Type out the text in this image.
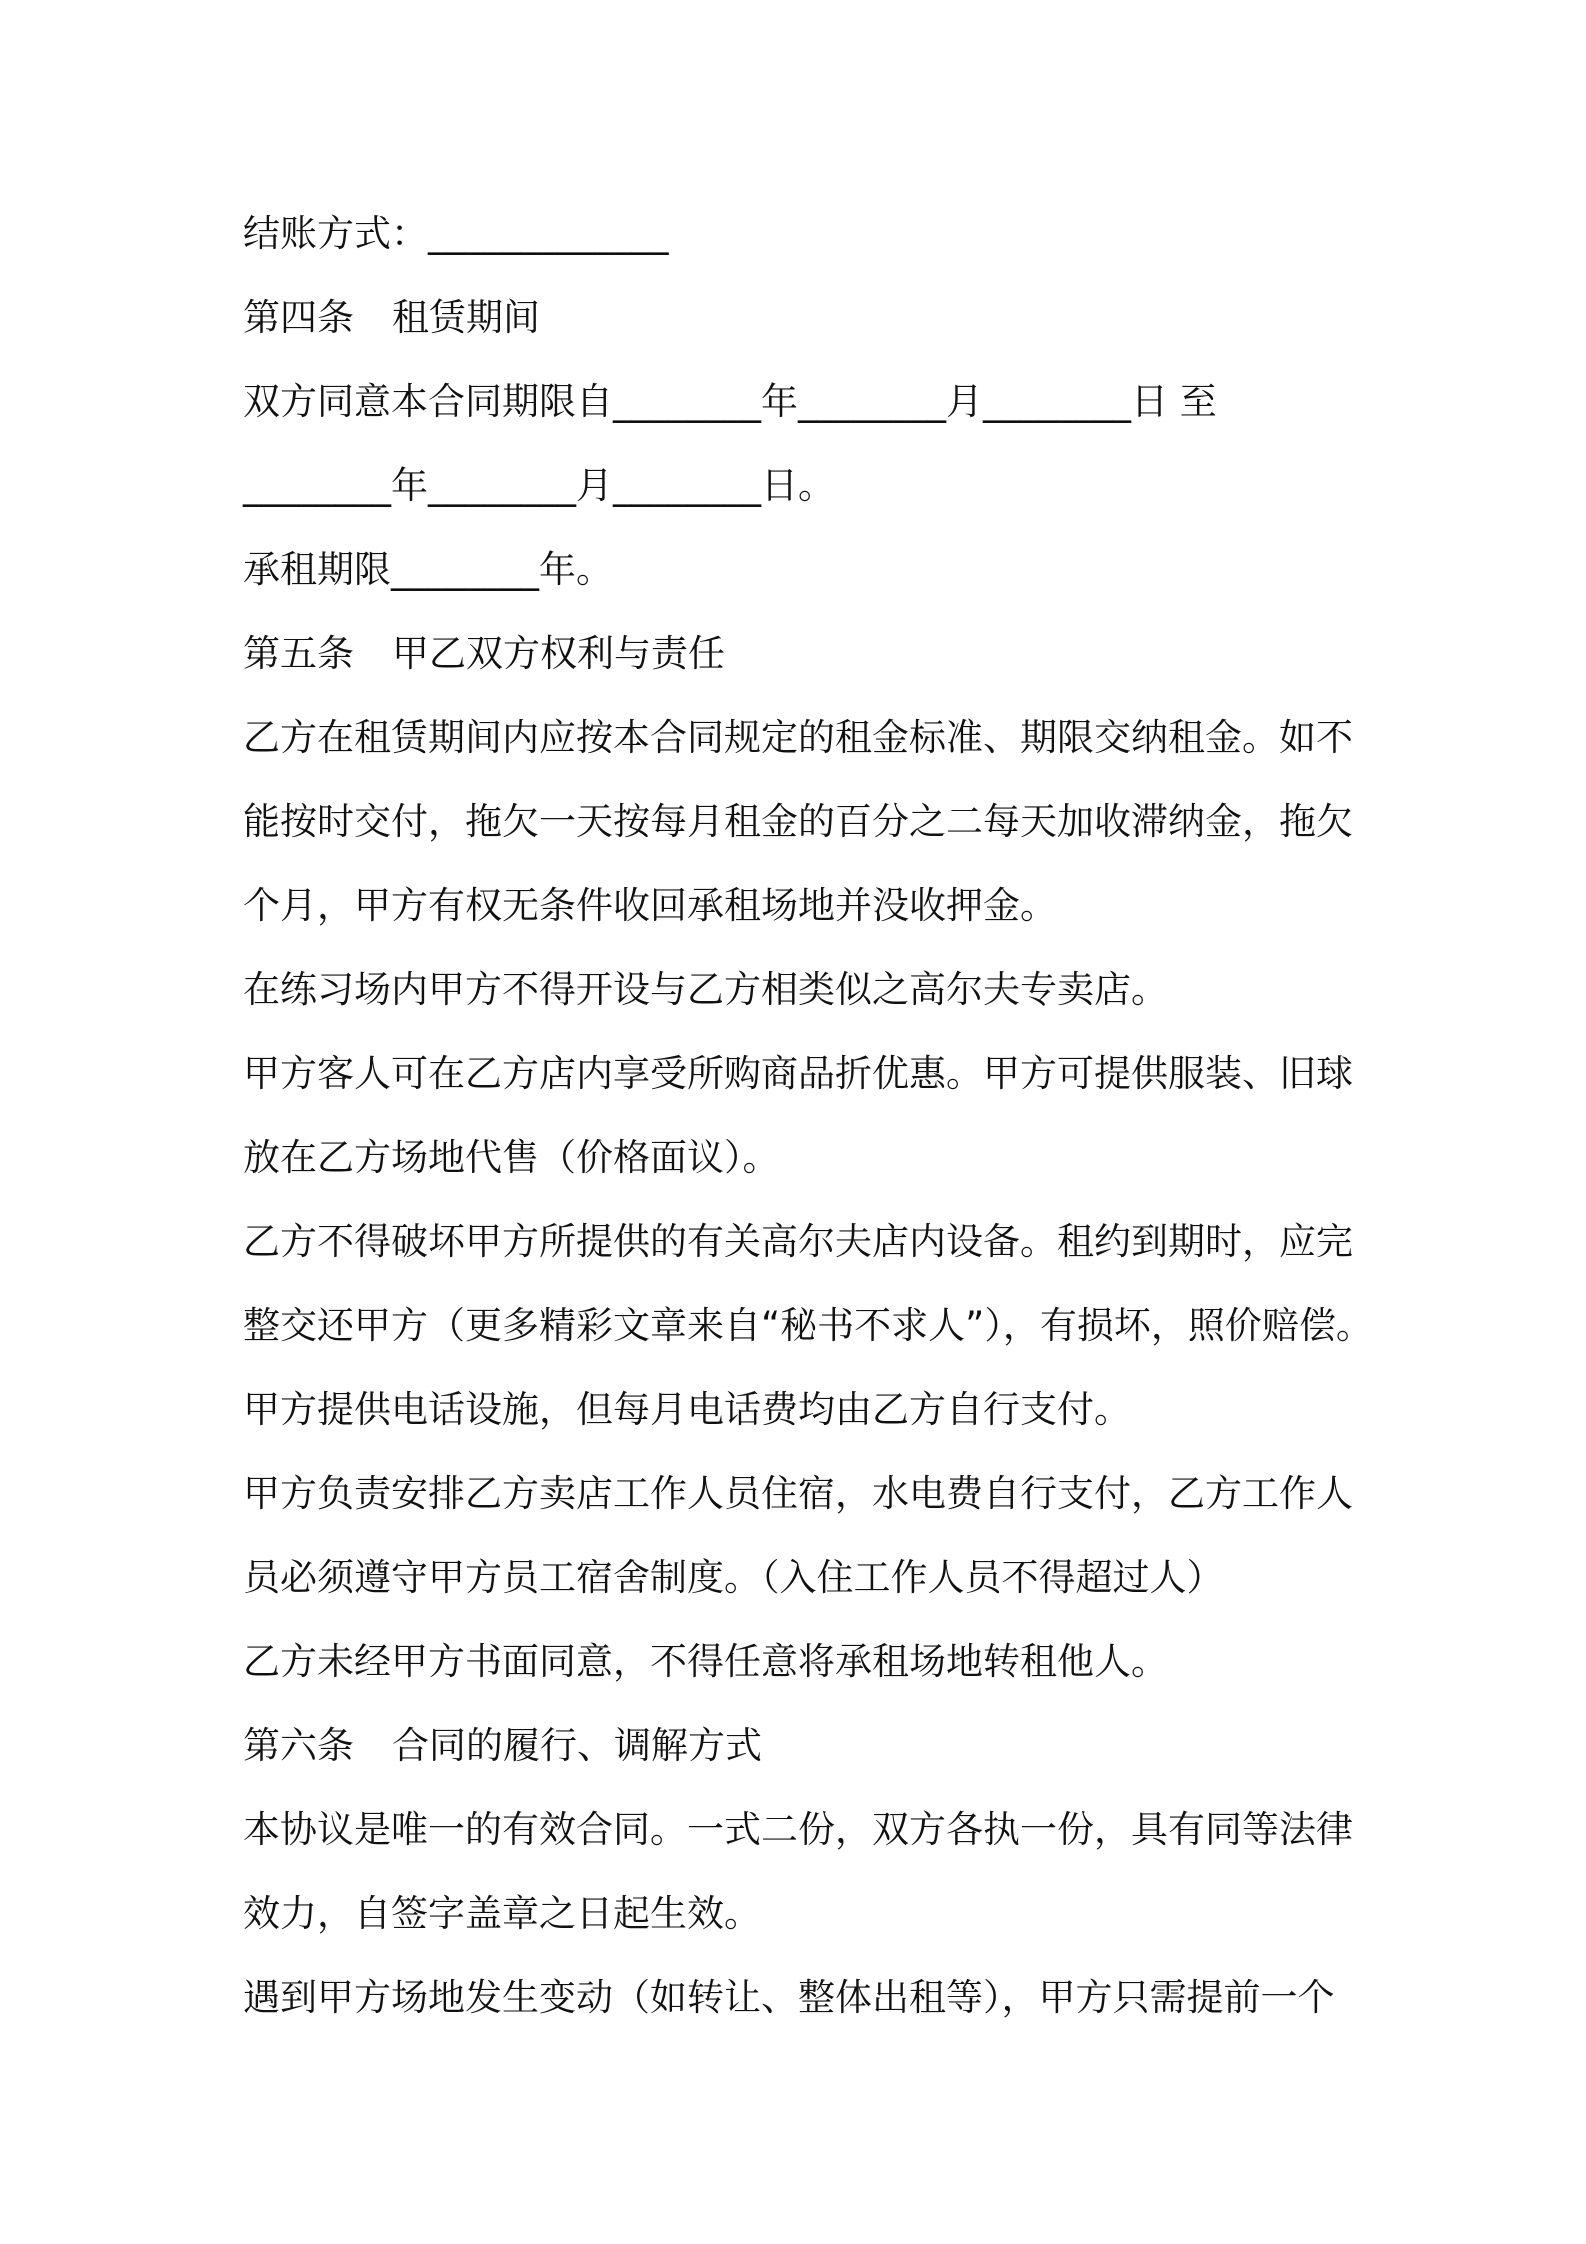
结账方式：_____________
第四条 租赁期间
双方同意本合同期限自________年________月________日 至
________年________月________日。
承租期限________年。
第五条 甲乙双方权利与责任
乙方在租赁期间内应按本合同规定的租金标准、期限交纳租金。如不
能按时交付，拖欠一天按每月租金的百分之二每天加收滞纳金，拖欠
个月，甲方有权无条件收回承租场地并没收押金。
在练习场内甲方不得开设与乙方相类似之高尔夫专卖店。
甲方客人可在乙方店内享受所购商品折优惠。甲方可提供服装、旧球
放在乙方场地代售（价格面议）。
乙方不得破坏甲方所提供的有关高尔夫店内设备。租约到期时，应完
整交还甲方（更多精彩文章来自“秘书不求人”），有损坏，照价赔偿。
甲方提供电话设施，但每月电话费均由乙方自行支付。
甲方负责安排乙方卖店工作人员住宿，水电费自行支付，乙方工作人
员必须遵守甲方员工宿舍制度。（入住工作人员不得超过人）
乙方未经甲方书面同意，不得任意将承租场地转租他人。
第六条 合同的履行、调解方式
本协议是唯一的有效合同。一式二份，双方各执一份，具有同等法律
效力，自签字盖章之日起生效。
遇到甲方场地发生变动（如转让、整体出租等），甲方只需提前一个
